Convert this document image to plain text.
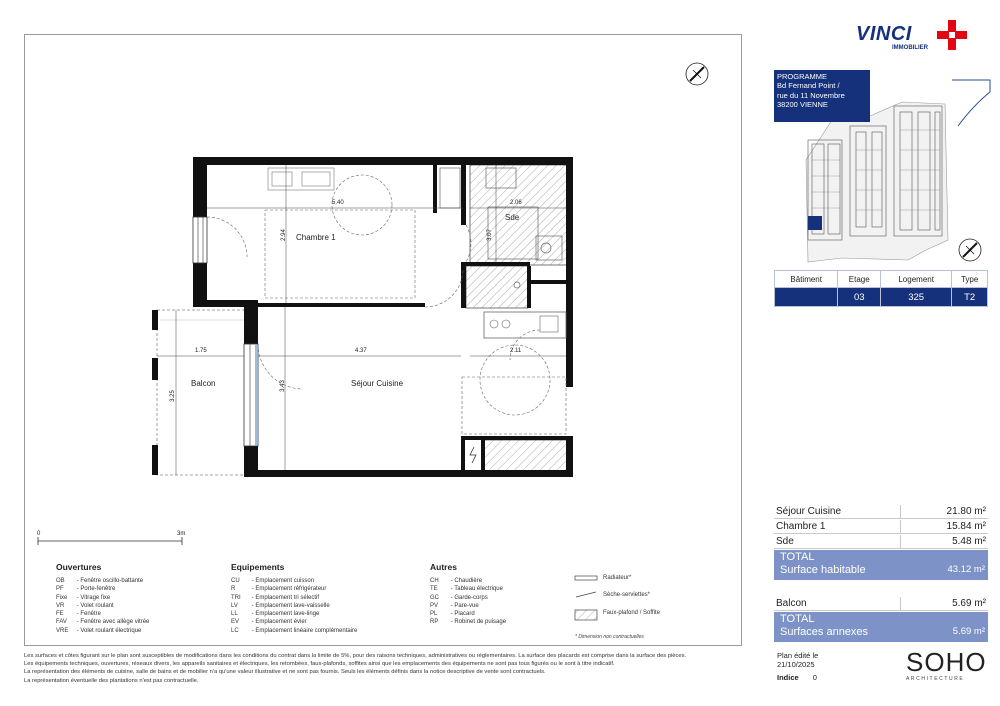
Chambre 1
Séjour Cuisine
Balcon
Sde
5.40
2.94
2.06
3.07
1.75	4.37	2.11
3.25
3.43
0	3m
Ouvertures
OB - Fenêtre oscillo-battante
PF - Porte-fenêtre
Fixe - Vitrage fixe
VR - Volet roulant
FE - Fenêtre
FAV - Fenêtre avec allège vitrée
VRE - Volet roulant électrique
Equipements
CU - Emplacement cuisson
R - Emplacement réfrigérateur
TRI - Emplacement tri sélectif
LV - Emplacement lave-vaisselle
LL - Emplacement lave-linge
EV - Emplacement évier
LC - Emplacement linéaire complémentaire
Autres
CH - Chaudière
TE - Tableau électrique
GC - Garde-corps
PV - Pare-vue
PL - Placard
RP - Robinet de puisage
Radiateur*
Sèche-serviettes*
Faux-plafond / Soffite
* Dimension non contractuelles
Les surfaces et côtes figurant sur le plan sont susceptibles de modifications dans les conditions du contrat dans la limite de 5%, pour des raisons techniques, administratives ou réglementaires. La surface des placards est comprise dans la surface des pièces.
Les équipements techniques, ouvertures, réseaux divers, les appareils sanitaires et électriques, les retombées, faux-plafonds, soffites ainsi que les emplacements des équipements ne sont pas tous figurés ou le sont à titre indicatif.
La représentation des éléments de cuisine, salle de bains et de mobilier n'a qu'une valeur illustrative et ne sont pas fournis. Seuls les éléments définis dans la notice descriptive de vente sont contractuels.
La représentation éventuelle des plantations n'est pas contractuelle.
VINCI
IMMOBILIER
PROGRAMME
Bd Fernand Point /
rue du 11 Novembre
38200 VIENNE
Bâtiment	Etage	Logement	Type
	03	325	T2
Séjour Cuisine	21.80 m²
Chambre 1	15.84 m²
Sde	5.48 m²
TOTAL
Surface habitable	43.12 m²
Balcon	5.69 m²
TOTAL
Surfaces annexes	5.69 m²
Plan édité le
21/10/2025
Indice 0
SOHO
ARCHITECTURE
